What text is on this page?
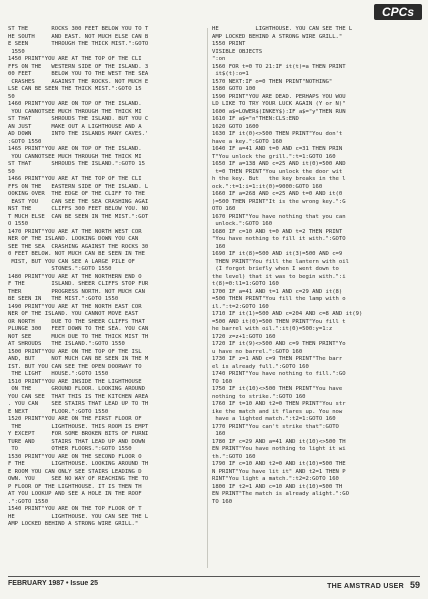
CPCs
ST THE       ROCKS 300 FEET BELOW YOU TO T
HE SOUTH     AND EAST. NOT MUCH ELSE CAN B
E SEEN       THROUGH THE THICK MIST.":GOTO
1550
1450 PRINT"YOU ARE AT THE TOP OF THE CLI
FFS ON THE   WESTERN SIDE OF THE ISLAND. 3
00 FEET      BELOW YOU TO THE WEST THE SEA
CRASHES     AGAINST THE ROCKS. NOT MUCH E
LSE CAN BE SEEN THE THICK MIST.":GOTO 15
50
1460 PRINT"YOU ARE ON TOP OF THE ISLAND.
YOU CANNOTSEE MUCH THROUGH THE THICK MI
ST THAT      SHROUDS THE ISLAND. BUT YOU C
AN JUST      MAKE OUT A LIGHTHOUSE AND A
AD DOWN      INTO THE ISLANDS MANY CAVES.'
:GOTO 1550
1465 PRINT"YOU ARE ON TOP OF THE ISLAND.
YOU CANNOTSEE MUCH THROUGH THE THICK MI
ST THAT      SHROUDS THE ISLAND.":GOTO 15
50
1466 PRINT"YOU ARE AT THE TOP OF THE CLI
FFS ON THE   EASTERN SIDE OF THE ISLAND. L
OOKING OVER  THE EDGE OF THE CLIFF TO THE
EAST YOU    CAN SEE THE SEA CRASHING AGAI
NST THE      CLIFFS 300 FEET BELOW YOU. NO
T MUCH ELSE  CAN BE SEEN IN THE MIST.":GOT
O 1550
1470 PRINT"YOU ARE AT THE NORTH WEST COR
NER OF THE ISLAND. LOOKING DOWN YOU CAN
SEE THE SEA  CRASHING AGAINST THE ROCKS 30
0 FEET BELOW. NOT MUCH CAN BE SEEN IN THE
MIST, BUT YOU CAN SEE A LARGE PILE OF
STONES.":GOTO 1550
1480 PRINT"YOU ARE AT THE NORTHERN END O
F THE        ISLAND. SHEER CLIFFS STOP FUR
THER         PROGRESS NORTH. NOT MUCH CAN
BE SEEN IN   THE MIST.":GOTO 1550
1490 PRINT"YOU ARE AT THE NORTH EAST COR
NER OF THE ISLAND. YOU CANNOT MOVE EAST
OR NORTH     DUE TO THE SHEER CLIFFS THAT
PLUNGE 300   FEET DOWN TO THE SEA. YOU CAN
NOT SEE      MUCH DUE TO THE THICK MIST TH
AT SHROUDS   THE ISLAND.":GOTO 1550
1500 PRINT"YOU ARE ON THE TOP OF THE ISL
AND, BUT     NOT MUCH CAN BE SEEN IN THE M
IST. BUT YOU CAN SEE THE OPEN DOORWAY TO
THE LIGHT   HOUSE.":GOTO 1550
1510 PRINT"YOU ARE INSIDE THE LIGHTHOUSE
ON THE      GROUND FLOOR. LOOKING AROUND
YOU CAN SEE  THAT THIS IS THE KITCHEN AREA
. YOU CAN    SEE STAIRS THAT LEAD UP TO TH
E NEXT       FLOOR.":GOTO 1550
1520 PRINT"YOU ARE ON THE FIRST FLOOR OF
THE         LIGHTHOUSE. THIS ROOM IS EMPT
Y EXCEPT     FOR SOME BROKEN BITS OF FURNI
TURE AND     STAIRS THAT LEAD UP AND DOWN
TO          OTHER FLOORS.":GOTO 1550
1530 PRINT"YOU ARE ON THE SECOND FLOOR O
F THE        LIGHTHOUSE. LOOKING AROUND TH
E ROOM YOU CAN ONLY SEE STAIRS LEADING D
OWN. YOU     SEE NO WAY OF REACHING THE TO
P FLOOR OF THE LIGHTHOUSE. IT IS THEN TH
AT YOU LOOKUP AND SEE A HOLE IN THE ROOF
.":GOTO 1550
1540 PRINT"YOU ARE ON THE TOP FLOOR OF T
HE           LIGHTHOUSE. YOU CAN SEE THE L
AMP LOCKED BEHIND A STRONG WIRE GRILL."
HE           LIGHTHOUSE. YOU CAN SEE THE L
AMP LOCKED BEHIND A STRONG WIRE GRILL."
1550 PRINT
VISIBLE OBJECTS
":on
1560 FOR t=0 TO 21:IF it(t)=a THEN PRINT
it$(t):o=1
1570 NEXT:IF o=0 THEN PRINT"NOTHING"
1580 GOTO 100
1590 PRINT"YOU ARE DEAD. PERHAPS YOU WOU
LD LIKE TO TRY YOUR LUCK AGAIN (Y or N)"
1600 a$=LOWER$(INKEY$):IF a$="y"THEN RUN
1610 IF a$="n"THEN:CLS:END
1620 GOTO 1600
1630 IF it(0)<>500 THEN PRINT"You don't
have a key.":GOTO 160
1640 IF a=41 AND t=0 AND c=31 THEN PRIN
T"You unlock the grill.":t=1:GOTO 160
1650 IF a=138 AND c=25 AND it(0)=500 AND
t=0 THEN PRINT"You unlock the door wit
h the key. But   the key breaks in the l
ock.":t=1:i=1:it(0)=9000:GOTO 160
1660 IF a=268 AND c=25 AND t=0 AND it(0
)=500 THEN PRINT"It is the wrong key.":G
OTO 160
1670 PRINT"You have nothing that you can
unlock.":GOTO 160
1680 IF c=10 AND t=0 AND t=2 THEN PRINT
"You have nothing to fill it with.":GOTO
160
1690 IF it(8)=500 AND it(3)=500 AND c=9
THEN PRINT"You fill the lantern with oil
(I forgot briefly when I went down to
the level) that it was to begin with.":i
t(8)=0:l1=1:GOTO 160
1700 IF a=41 AND t=1 AND c=29 AND it(8)
=500 THEN PRINT"You fill the lamp with o
il.":t=2:GOTO 160
1710 IF it(1)=500 AND c=204 AND c=8 AND it(9)
=500 AND it(0)=500 THEN PRINT"You fill t
he barrel with oil.":it(0)=500:y=1:z
1720 z=z+1:GOTO 160
1720 IF it(9)<>500 AND c=9 THEN PRINT"Yo
u have no barrel.":GOTO 160
1730 IF z=1 AND c=9 THEN PRINT"The barr
el is already full.":GOTO 160
1740 PRINT"You have nothing to fill.":GO
TO 160
1750 IF it(10)<>500 THEN PRINT"You have
nothing to strike.":GOTO 160
1760 IF t=10 AND t2=0 THEN PRINT"You str
ike the match and it flares up. You now
have a lighted match.":t2=1:GOTO 160
1770 PRINT"You can't strike that":GOTO
160
1780 IF c=29 AND a=41 AND it(10)<>500 TH
EN PRINT"You have nothing to light it wi
th.":GOTO 160
1790 IF c=10 AND t2=0 AND it(10)=500 THE
N PRINT"You have lit it" AND t2=1 THEN P
RINT"You light a match.":t2=2:GOTO 160
1800 IF t2=1 AND c=10 AND it(10)=500 TH
EN PRINT"The match is already alight.":GO
TO 160
FEBRUARY 1987 • Issue 25	THE AMSTRAD USER 59
